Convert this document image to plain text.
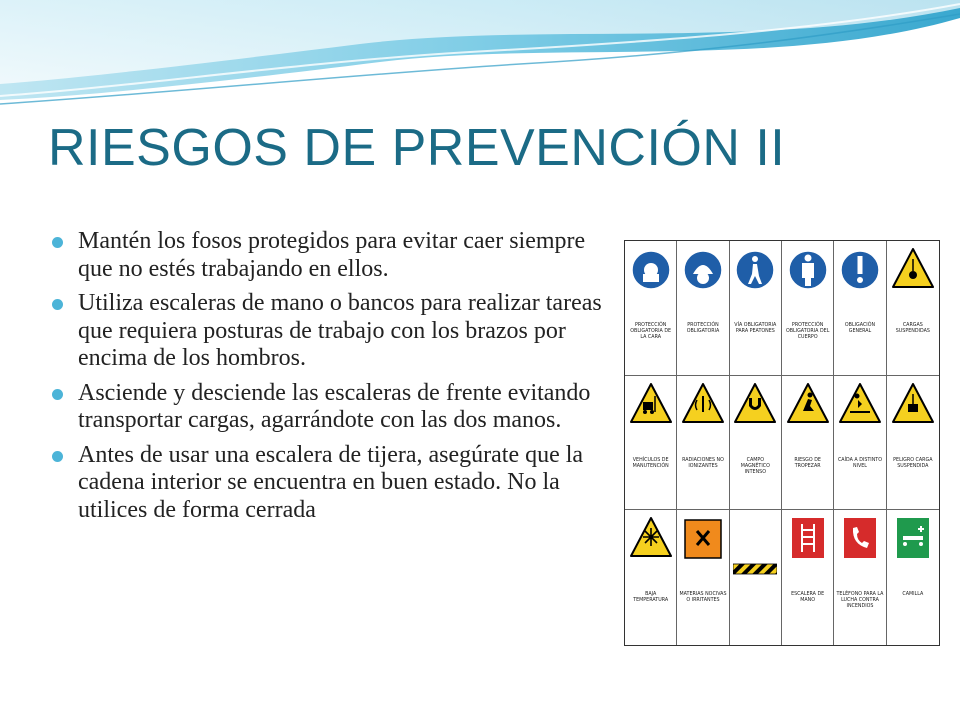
RIESGOS DE PREVENCIÓN II
Mantén los fosos protegidos para evitar caer siempre que no estés trabajando en ellos.
Utiliza escaleras de mano o bancos para realizar tareas que requiera posturas de trabajo con los brazos por encima de los hombros.
Asciende y desciende las escaleras de frente evitando transportar cargas, agarrándote con las dos manos.
Antes de usar una escalera de tijera, asegúrate que la cadena interior se encuentra en buen estado. No la utilices de forma cerrada
PROTECCIÓN OBLIGATORIA DE LA CARA
PROTECCIÓN OBLIGATORIA
VÍA OBLIGATORIA PARA PEATONES
PROTECCIÓN OBLIGATORIA DEL CUERPO
OBLIGACIÓN GENERAL
CARGAS SUSPENDIDAS
VEHÍCULOS DE MANUTENCIÓN
RADIACIONES NO IONIZANTES
CAMPO MAGNÉTICO INTENSO
RIESGO DE TROPEZAR
CAÍDA A DISTINTO NIVEL
PELIGRO CARGA SUSPENDIDA
BAJA TEMPERATURA
MATERIAS NOCIVAS O IRRITANTES
ESCALERA DE MANO
TELÉFONO PARA LA LUCHA CONTRA INCENDIOS
CAMILLA
